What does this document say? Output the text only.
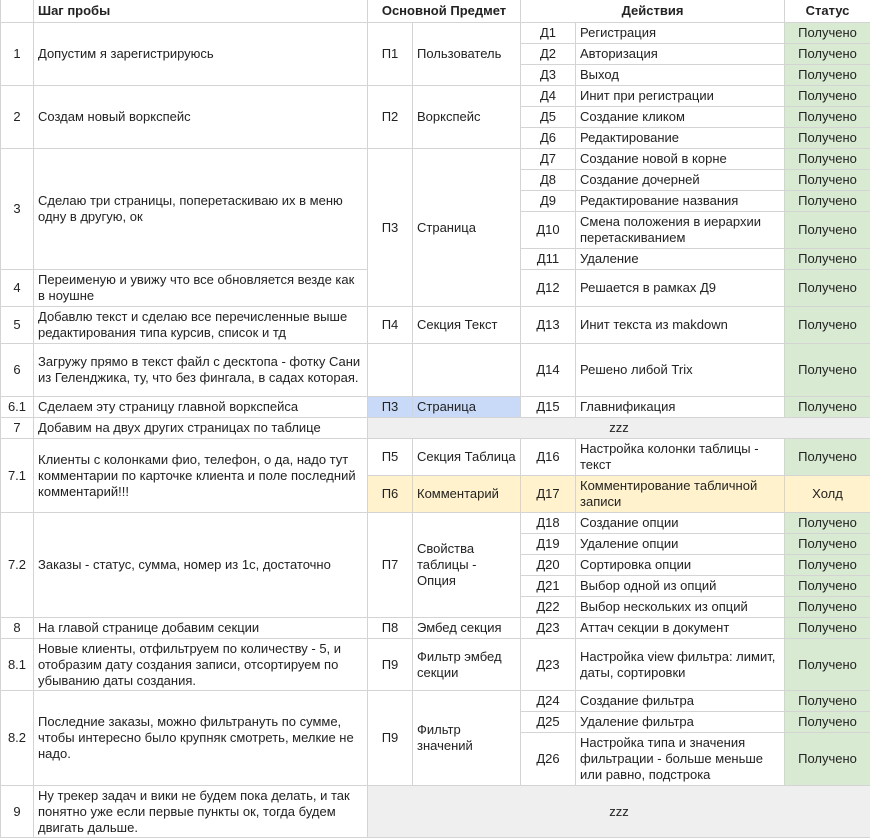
	Шаг пробы	Основной Предмет		Действия		Статус
1	Допустим я зарегистрируюсь	П1	Пользователь	Д1	Регистрация	Получено
				Д2	Авторизация	Получено
				Д3	Выход	Получено
2	Создам новый воркспейс	П2	Воркспейс	Д4	Инит при регистрации	Получено
				Д5	Создание кликом	Получено
				Д6	Редактирование	Получено
3	Сделаю три страницы, поперетаскиваю их в меню одну в другую, ок	П3	Страница	Д7	Создание новой в корне	Получено
				Д8	Создание дочерней	Получено
				Д9	Редактирование названия	Получено
				Д10	Смена положения в иерархии перетаскиванием	Получено
				Д11	Удаление	Получено
4	Переименую и увижу что все обновляется везде как в ноушне			Д12	Решается в рамках Д9	Получено
5	Добавлю текст и сделаю все перечисленные выше редактирования типа курсив, список и тд	П4	Секция Текст	Д13	Инит текста из makdown	Получено
6	Загружу прямо в текст файл с десктопа - фотку Сани из Геленджика, ту, что без фингала, в садах которая.			Д14	Решено либой Trix	Получено
6.1	Сделаем эту страницу главной воркспейса	П3	Страница	Д15	Главнификация	Получено
7	Добавим на двух других страницах по таблице	zzz				
7.1	Клиенты с колонками фио, телефон, о да, надо тут комментарии по карточке клиента и поле последний комментарий!!!	П5	Секция Таблица	Д16	Настройка колонки таблицы - текст	Получено
		П6	Комментарий	Д17	Комментирование табличной записи	Холд
7.2	Заказы - статус, сумма, номер из 1с, достаточно	П7	Свойства таблицы - Опция	Д18	Создание опции	Получено
				Д19	Удаление опции	Получено
				Д20	Сортировка опции	Получено
				Д21	Выбор одной из опций	Получено
				Д22	Выбор нескольких из опций	Получено
8	На главой странице добавим секции	П8	Эмбед секция	Д23	Аттач секции в документ	Получено
8.1	Новые клиенты, отфильтруем по количеству - 5, и отобразим дату создания записи, отсортируем по убыванию даты создания.	П9	Фильтр эмбед секции	Д23	Настройка view фильтра: лимит, даты, сортировки	Получено
8.2	Последние заказы, можно фильтрануть по сумме, чтобы интересно было крупняк смотреть, мелкие не надо.	П9	Фильтр значений	Д24	Создание фильтра	Получено
				Д25	Удаление фильтра	Получено
				Д26	Настройка типа и значения фильтрации - больше меньше или равно, подстрока	Получено
9	Ну трекер задач и вики не будем пока делать, и так понятно уже если первые пункты ок, тогда будем двигать дальше.	zzz				
